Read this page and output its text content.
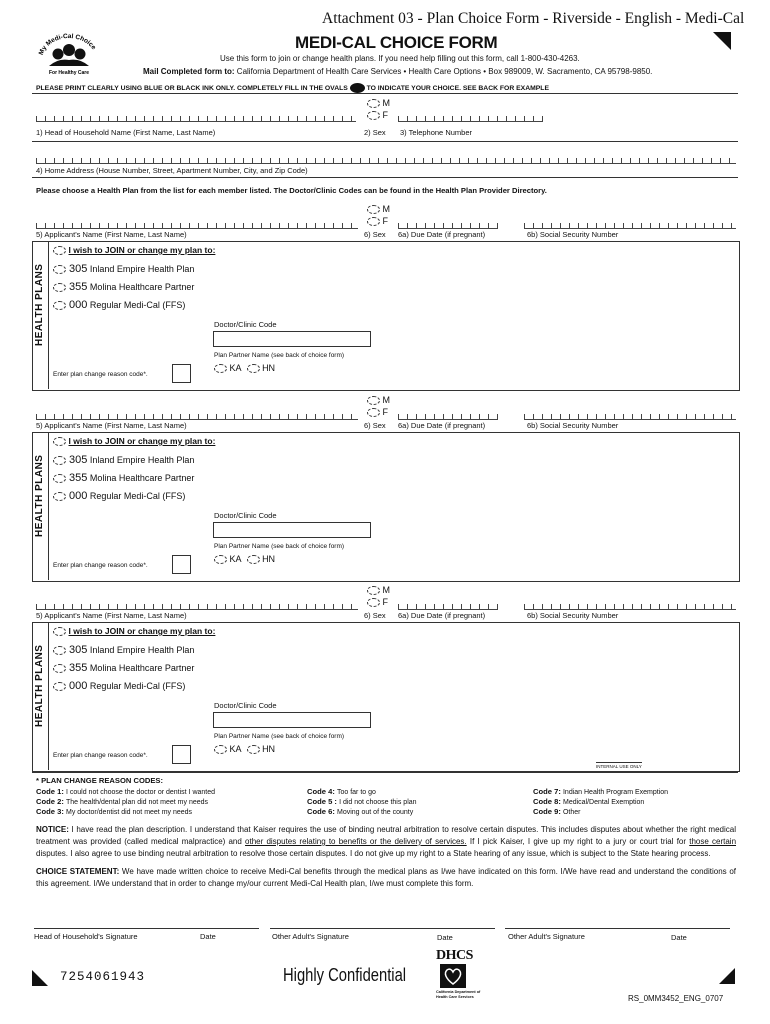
Attachment 03 - Plan Choice Form - Riverside - English - Medi-Cal
My Medi-Cal Choice
For Healthy Care
MEDI-CAL CHOICE FORM
Use this form to join or change health plans. If you need help filling out this form, call 1-800-430-4263.
Mail Completed form to: California Department of Health Care Services • Health Care Options • Box 989009, W. Sacramento, CA 95798-9850.
PLEASE PRINT CLEARLY USING BLUE OR BLACK INK ONLY. COMPLETELY FILL IN THE OVALS	TO INDICATE YOUR CHOICE. SEE BACK FOR EXAMPLE
M
F
1) Head of Household Name (First Name, Last Name)	2) Sex 3) Telephone Number
4) Home Address (House Number, Street, Apartment Number, City, and Zip Code)
Please choose a Health Plan from the list for each member listed. The Doctor/Clinic Codes can be found in the Health Plan Provider Directory.
M
F
5) Applicant's Name (First Name, Last Name)	6) Sex 6a) Due Date (if pregnant)	6b) Social Security Number
HEALTH PLANS
I wish to JOIN or change my plan to:
305 Inland Empire Health Plan
355 Molina Healthcare Partner
000 Regular Medi-Cal (FFS)
Doctor/Clinic Code
Plan Partner Name (see back of choice form)
KA HN
Enter plan change reason code*.
M
F
5) Applicant's Name (First Name, Last Name)	6) Sex 6a) Due Date (if pregnant)	6b) Social Security Number
HEALTH PLANS
I wish to JOIN or change my plan to:
305 Inland Empire Health Plan
355 Molina Healthcare Partner
000 Regular Medi-Cal (FFS)
Doctor/Clinic Code
Plan Partner Name (see back of choice form)
KA HN
Enter plan change reason code*.
M
F
5) Applicant's Name (First Name, Last Name)	6) Sex 6a) Due Date (if pregnant)	6b) Social Security Number
HEALTH PLANS
I wish to JOIN or change my plan to:
305 Inland Empire Health Plan
355 Molina Healthcare Partner
000 Regular Medi-Cal (FFS)
Doctor/Clinic Code
Plan Partner Name (see back of choice form)
KA HN
Enter plan change reason code*.
INTERNAL USE ONLY
* PLAN CHANGE REASON CODES:
Code 1: I could not choose the doctor or dentist I wanted
Code 2: The health/dental plan did not meet my needs
Code 3: My doctor/dentist did not meet my needs
Code 4: Too far to go
Code 5 : I did not choose this plan
Code 6: Moving out of the county
Code 7: Indian Health Program Exemption
Code 8: Medical/Dental Exemption
Code 9: Other
NOTICE: I have read the plan description. I understand that Kaiser requires the use of binding neutral arbitration to resolve certain disputes. This includes disputes about whether the right medical treatment was provided (called medical malpractice) and other disputes relating to benefits or the delivery of services. If I pick Kaiser, I give up my right to a jury or court trial for those certain disputes. I also agree to use binding neutral arbitration to resolve those certain disputes. I do not give up my right to a State hearing of any issue, which is subject to the State hearing process.
CHOICE STATEMENT: We have made written choice to receive Medi-Cal benefits through the medical plans as I/we have indicated on this form. I/We have read and understand the conditions of this agreement. I/We understand that in order to change my/our current Medi-Cal Health plan, I/we must complete this form.
Head of Household's Signature	Date	Other Adult's Signature	Date	Other Adult's Signature	Date
7254061943	Highly Confidential
DHCS
California Department of Health Care Services	RS_0MM3452_ENG_0707
